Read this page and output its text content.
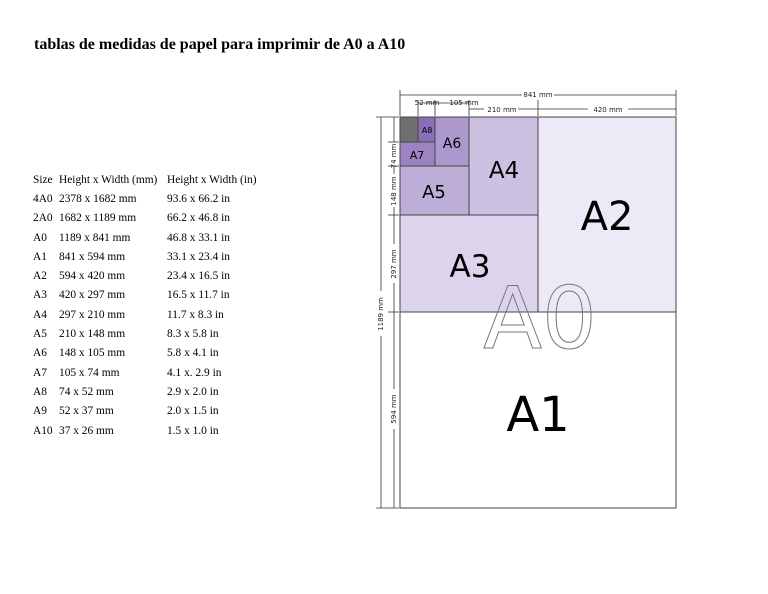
tablas de medidas de papel para imprimir de A0 a A10
Size	Height x Width (mm)	Height x Width (in)
4A0	2378 x 1682 mm	93.6 x 66.2 in
2A0	1682 x 1189 mm	66.2 x 46.8 in
A0	1189 x 841 mm	46.8 x 33.1 in
A1	841 x 594 mm	33.1 x 23.4 in
A2	594 x 420 mm	23.4 x 16.5 in
A3	420 x 297 mm	16.5 x 11.7 in
A4	297 x 210 mm	11.7 x 8.3 in
A5	210 x 148 mm	8.3 x 5.8 in
A6	148 x 105 mm	5.8 x 4.1 in
A7	105 x 74 mm	4.1 x. 2.9 in
A8	74 x 52 mm	2.9 x 2.0 in
A9	52 x 37 mm	2.0 x 1.5 in
A10	37 x 26 mm	1.5 x 1.0 in
A0
A1
A2
A3
A4
A5
A6
A7
A8
841 mm
52 mm 105 mm
210 mm	420 mm
74 mm
148 mm
297 mm
594 mm
1189 mm
